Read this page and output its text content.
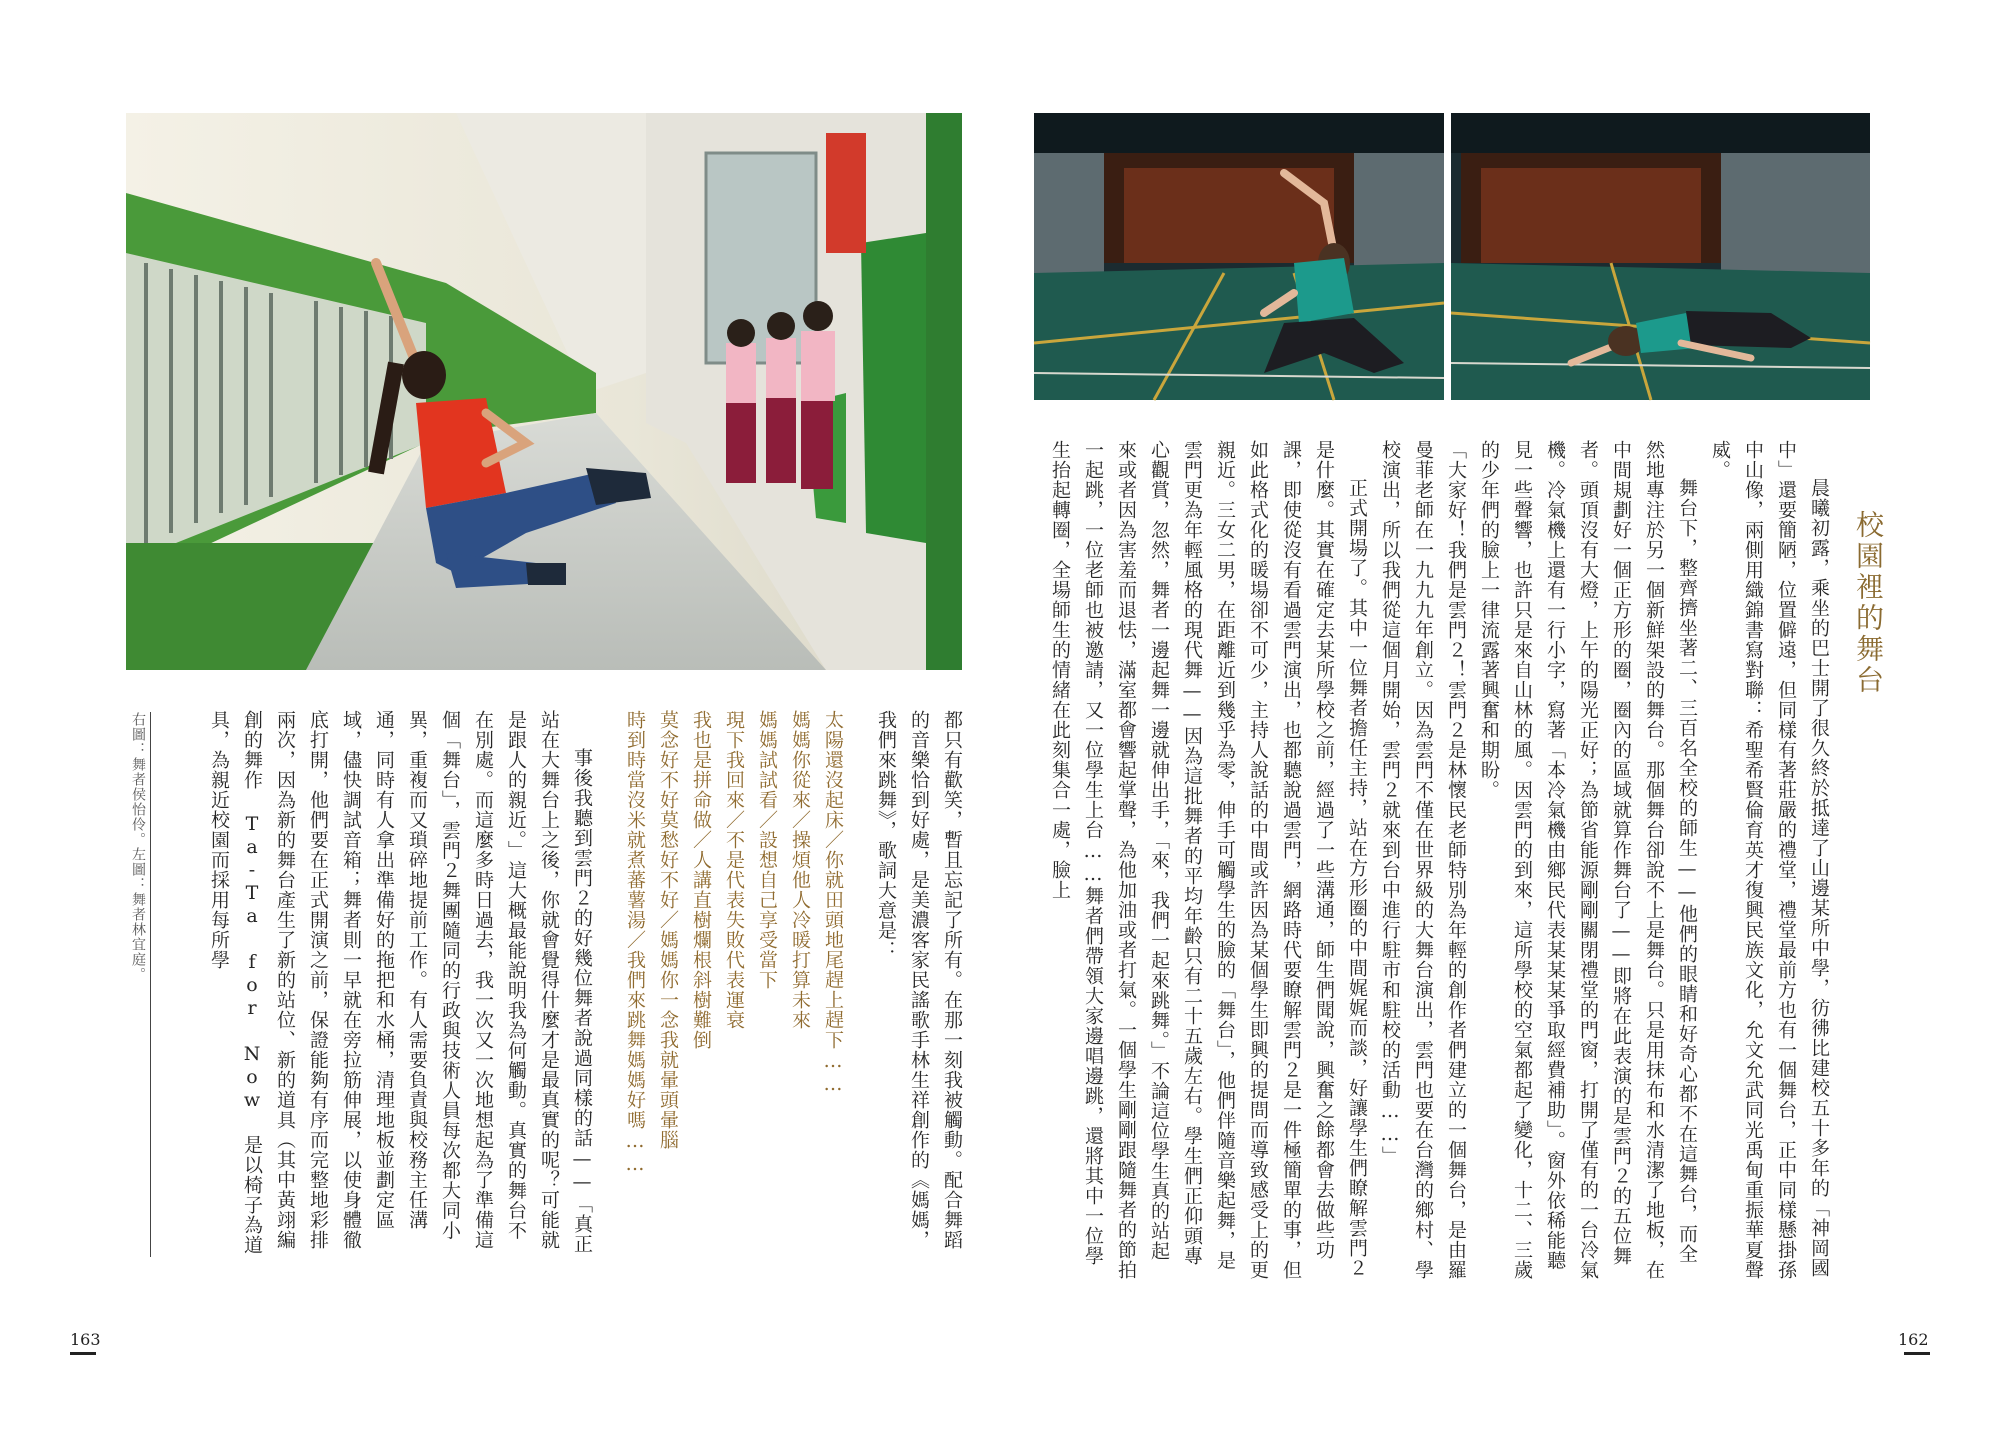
都只有歡笑，暫且忘記了所有。在那一刻我被觸動。配合舞蹈的音樂恰到好處，是美濃客家民謠歌手林生祥創作的《媽媽，我們來跳舞》，歌詞大意是：

太陽還沒起床／你就田頭地尾趕上趕下……

媽媽你從來／操煩他人冷暖打算未來

媽媽試試看／設想自己享受當下

現下我回來／不是代表失敗代表運衰

我也是拼命做／人講直樹爛根斜樹難倒

莫念好不好莫愁好不好／媽媽你一念我就暈頭暈腦

時到時當沒米就煮蕃薯湯／我們來跳舞媽媽好嗎……

事後我聽到雲門２的好幾位舞者說過同樣的話——「真正站在大舞台上之後，你就會覺得什麼才是最真實的呢？可能就是跟人的親近。」這大概最能說明我為何觸動。真實的舞台不在別處。而這麼多時日過去，我一次又一次地想起為了準備這個「舞台」，雲門２舞團隨同的行政與技術人員每次都大同小異，重複而又瑣碎地提前工作。有人需要負責與校務主任溝通，同時有人拿出準備好的拖把和水桶，清理地板並劃定區域，儘快調試音箱；舞者則一早就在旁拉筋伸展，以使身體徹底打開，他們要在正式開演之前，保證能夠有序而完整地彩排兩次，因為新的舞台產生了新的站位、新的道具（其中黃翊編創的舞作 Ta-Ta for Now 是以椅子為道具，為親近校園而採用每所學

右圖：舞者侯怡伶。左圖：舞者林宜庭。
163
校園裡的舞台

晨曦初露，乘坐的巴士開了很久終於抵達了山邊某所中學，彷彿比建校五十多年的「神岡國中」還要簡陋，位置僻遠，但同樣有著莊嚴的禮堂，禮堂最前方也有一個舞台，正中同樣懸掛孫中山像，兩側用織錦書寫對聯：希聖希賢倫育英才復興民族文化，允文允武同光禹甸重振華夏聲威。

舞台下，整齊擠坐著二、三百名全校的師生——他們的眼睛和好奇心都不在這舞台，而全然地專注於另一個新鮮架設的舞台。那個舞台卻說不上是舞台。只是用抹布和水清潔了地板，在中間規劃好一個正方形的圈，圈內的區域就算作舞台了——即將在此表演的是雲門２的五位舞者。頭頂沒有大燈，上午的陽光正好；為節省能源剛剛關閉禮堂的門窗，打開了僅有的一台冷氣機。冷氣機上還有一行小字，寫著「本冷氣機由鄉民代表某某某爭取經費補助」。窗外依稀能聽見一些聲響，也許只是來自山林的風。因雲門的到來，這所學校的空氣都起了變化，十二、三歲的少年們的臉上一律流露著興奮和期盼。

「大家好！我們是雲門２！雲門２是林懷民老師特別為年輕的創作者們建立的一個舞台，是由羅曼菲老師在一九九九年創立。因為雲門不僅在世界級的大舞台演出，雲門也要在台灣的鄉村、學校演出，所以我們從這個月開始，雲門２就來到台中進行駐市和駐校的活動……」

正式開場了。其中一位舞者擔任主持，站在方形圈的中間娓娓而談，好讓學生們瞭解雲門２是什麼。其實在確定去某所學校之前，經過了一些溝通，師生們聞說，興奮之餘都會去做些功課，即使從沒有看過雲門演出，也都聽說過雲門，網路時代要瞭解雲門２是一件極簡單的事，但如此格式化的暖場卻不可少，主持人說話的中間或許因為某個學生即興的提問而導致感受上的更親近。三女二男，在距離近到幾乎為零，伸手可觸學生的臉的「舞台」，他們伴隨音樂起舞，是雲門更為年輕風格的現代舞——因為這批舞者的平均年齡只有二十五歲左右。學生們正仰頭專心觀賞，忽然，舞者一邊起舞一邊就伸出手，「來，我們一起來跳舞。」不論這位學生真的站起來或者因為害羞而退怯，滿室都會響起掌聲，為他加油或者打氣。一個學生剛剛跟隨舞者的節拍一起跳，一位老師也被邀請，又一位學生上台……舞者們帶領大家邊唱邊跳，還將其中一位學生抬起轉圈，全場師生的情緒在此刻集合一處，臉上

162
